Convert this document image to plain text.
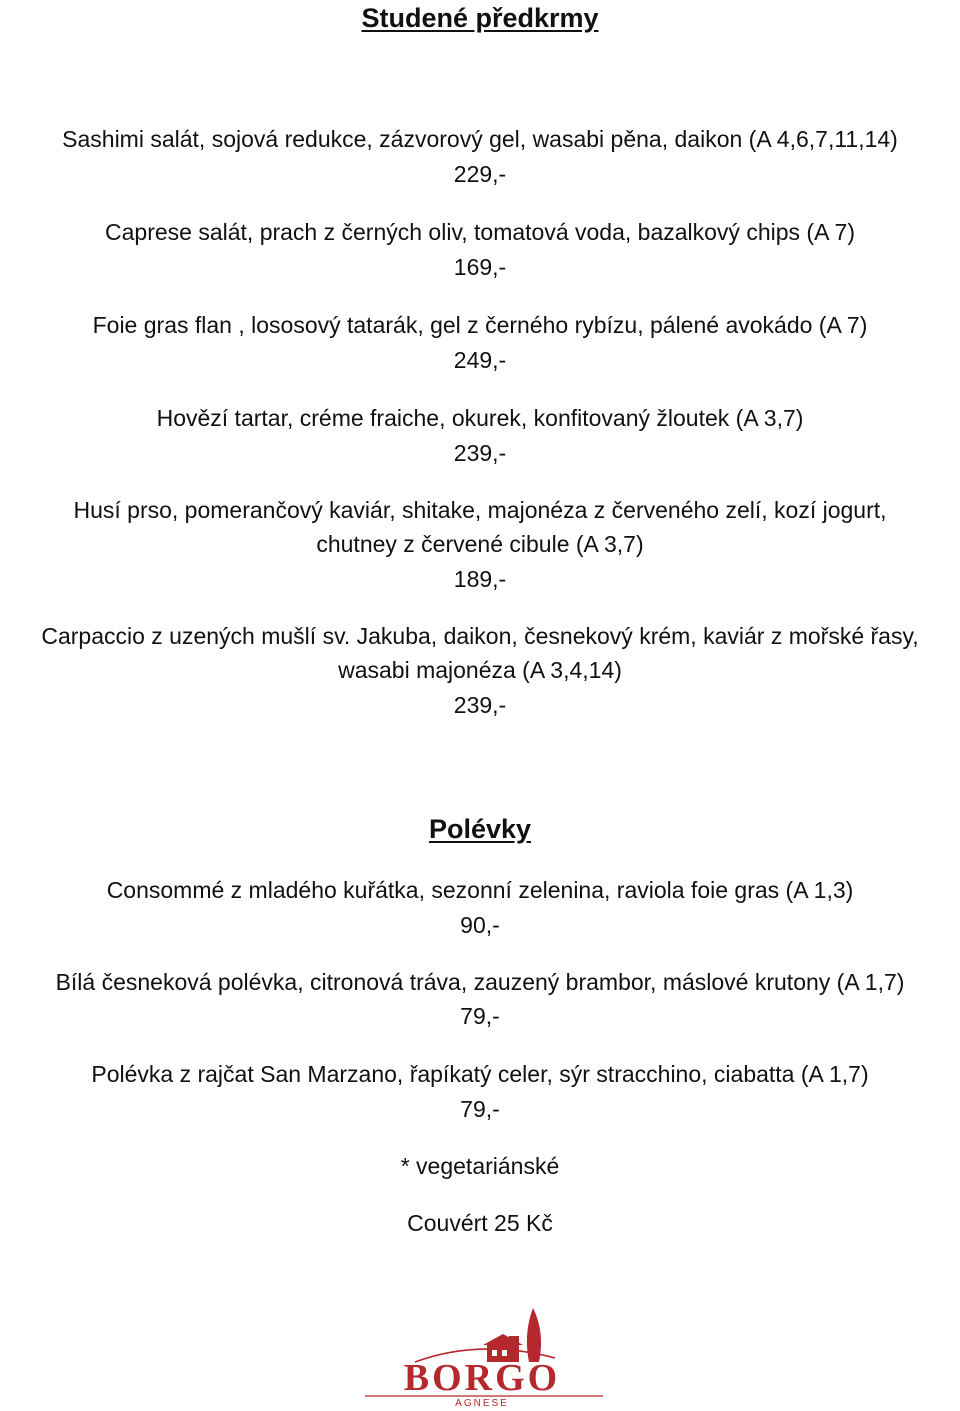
Studené předkrmy
Sashimi salát, sojová redukce, zázvorový gel, wasabi pěna, daikon (A 4,6,7,11,14)
229,-
Caprese salát, prach z černých oliv, tomatová voda, bazalkový chips (A 7)
169,-
Foie gras flan , lososový tatarák, gel z černého rybízu, pálené avokádo (A 7)
249,-
Hovězí tartar, créme fraiche, okurek, konfitovaný žloutek (A 3,7)
239,-
Husí prso, pomerančový kaviár, shitake, majonéza z červeného zelí, kozí jogurt,
chutney z červené cibule (A 3,7)
189,-
Carpaccio z uzených mušlí sv. Jakuba, daikon, česnekový krém, kaviár z mořské řasy,
wasabi majonéza (A 3,4,14)
239,-
Polévky
Consommé z mladého kuřátka, sezonní zelenina, raviola foie gras (A 1,3)
90,-
Bílá česneková polévka, citronová tráva, zauzený brambor, máslové krutony (A 1,7)
79,-
Polévka z rajčat San Marzano, řapíkatý celer, sýr stracchino, ciabatta (A 1,7)
79,-
* vegetariánské
Couvért 25 Kč
BORGO
AGNESE
